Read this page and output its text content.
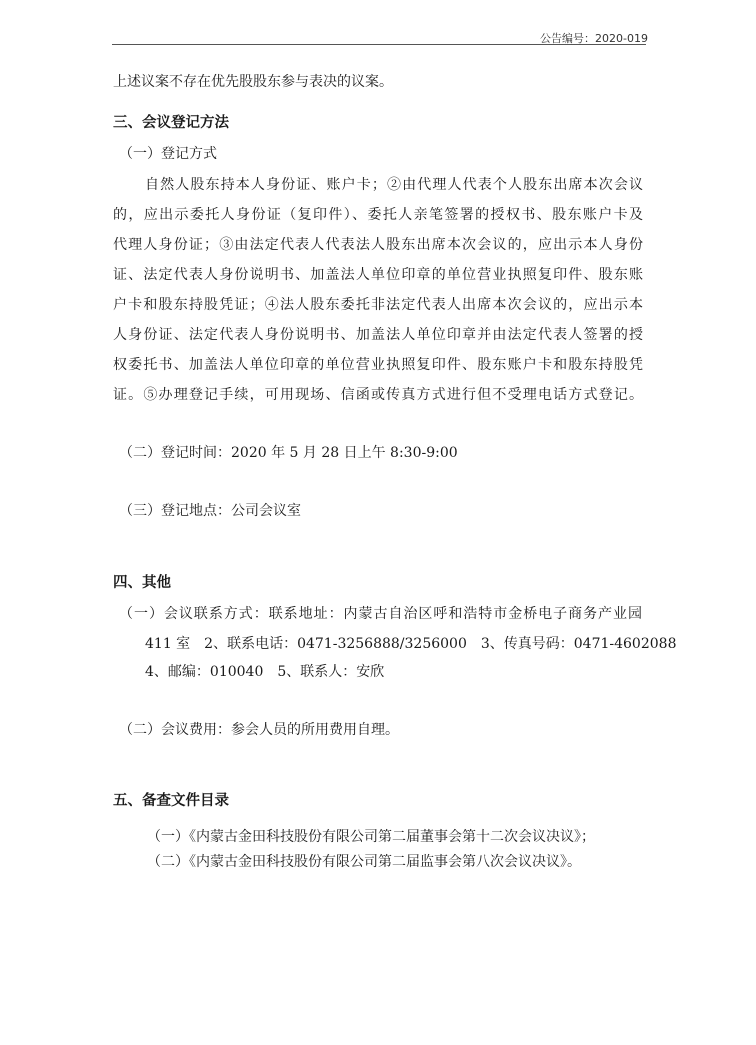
公告编号：2020-019
上述议案不存在优先股股东参与表决的议案。
三、会议登记方法
（一）登记方式
自然人股东持本人身份证、账户卡；②由代理人代表个人股东出席本次会议
的，应出示委托人身份证（复印件）、委托人亲笔签署的授权书、股东账户卡及
代理人身份证；③由法定代表人代表法人股东出席本次会议的，应出示本人身份
证、法定代表人身份说明书、加盖法人单位印章的单位营业执照复印件、股东账
户卡和股东持股凭证；④法人股东委托非法定代表人出席本次会议的，应出示本
人身份证、法定代表人身份说明书、加盖法人单位印章并由法定代表人签署的授
权委托书、加盖法人单位印章的单位营业执照复印件、股东账户卡和股东持股凭
证。⑤办理登记手续，可用现场、信函或传真方式进行但不受理电话方式登记。
（二）登记时间：2020 年 5 月 28 日上午 8:30-9:00
（三）登记地点：公司会议室
四、其他
（一）会议联系方式：联系地址：内蒙古自治区呼和浩特市金桥电子商务产业园
411 室　2、联系电话：0471-3256888/3256000　3、传真号码：0471-4602088
4、邮编：010040　5、联系人：安欣
（二）会议费用：参会人员的所用费用自理。
五、备查文件目录
（一）《内蒙古金田科技股份有限公司第二届董事会第十二次会议决议》；
（二）《内蒙古金田科技股份有限公司第二届监事会第八次会议决议》。
